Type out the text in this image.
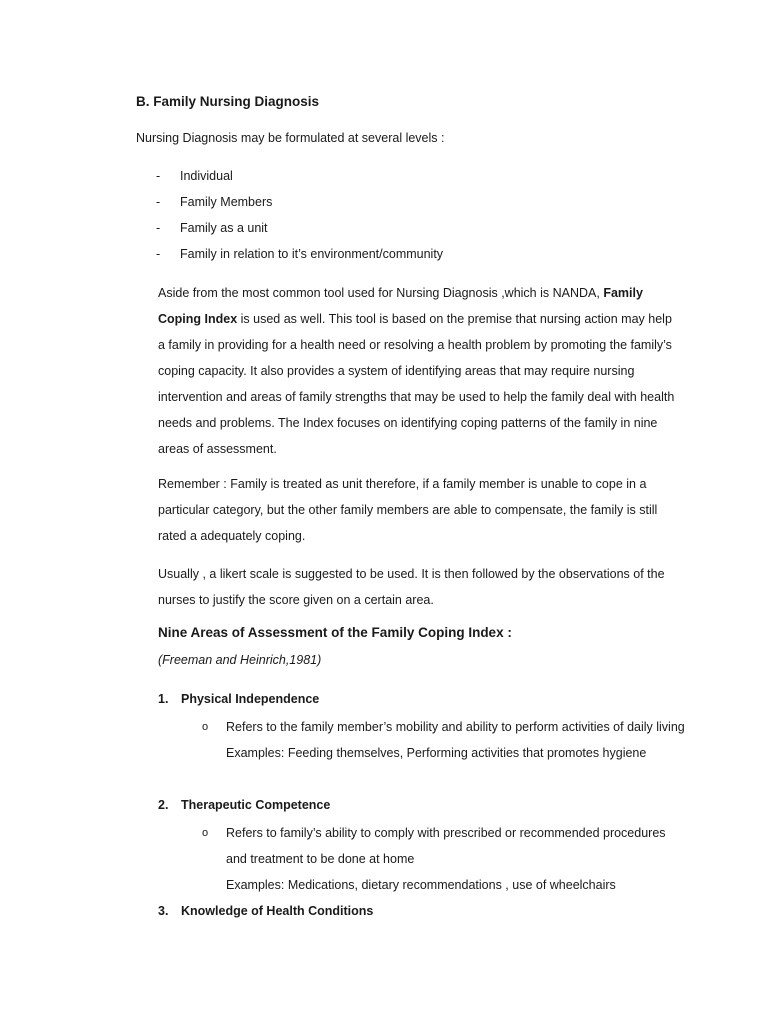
B. Family Nursing Diagnosis
Nursing Diagnosis may be formulated at several levels :
-	Individual
-	Family Members
-	Family as a unit
-	Family in relation to it’s environment/community

Aside from the most common tool used for Nursing Diagnosis ,which is NANDA, Family Coping Index is used as well. This tool is based on the premise that nursing action may help a family in providing for a health need or resolving a health problem by promoting the family’s coping capacity. It also provides a system of identifying areas that may require nursing intervention and areas of family strengths that may be used to help the family deal with health needs and problems. The Index focuses on identifying coping patterns of the family in nine areas of assessment.

Remember : Family is treated as unit therefore, if a family member is unable to cope in a particular category, but the other family members are able to compensate, the family is still rated a adequately coping.

Usually , a likert scale is suggested to be used. It is then followed by the observations of the nurses to justify the score given on a certain area.

Nine Areas of Assessment of the Family Coping Index :
(Freeman and Heinrich,1981)
1.	Physical Independence
o	Refers to the family member’s mobility and ability to perform activities of daily living
Examples: Feeding themselves, Performing activities that promotes hygiene
2.	Therapeutic Competence
o	Refers to family’s ability to comply with prescribed or recommended procedures and treatment to be done at home
Examples: Medications, dietary recommendations , use of wheelchairs
3.	Knowledge of Health Conditions
